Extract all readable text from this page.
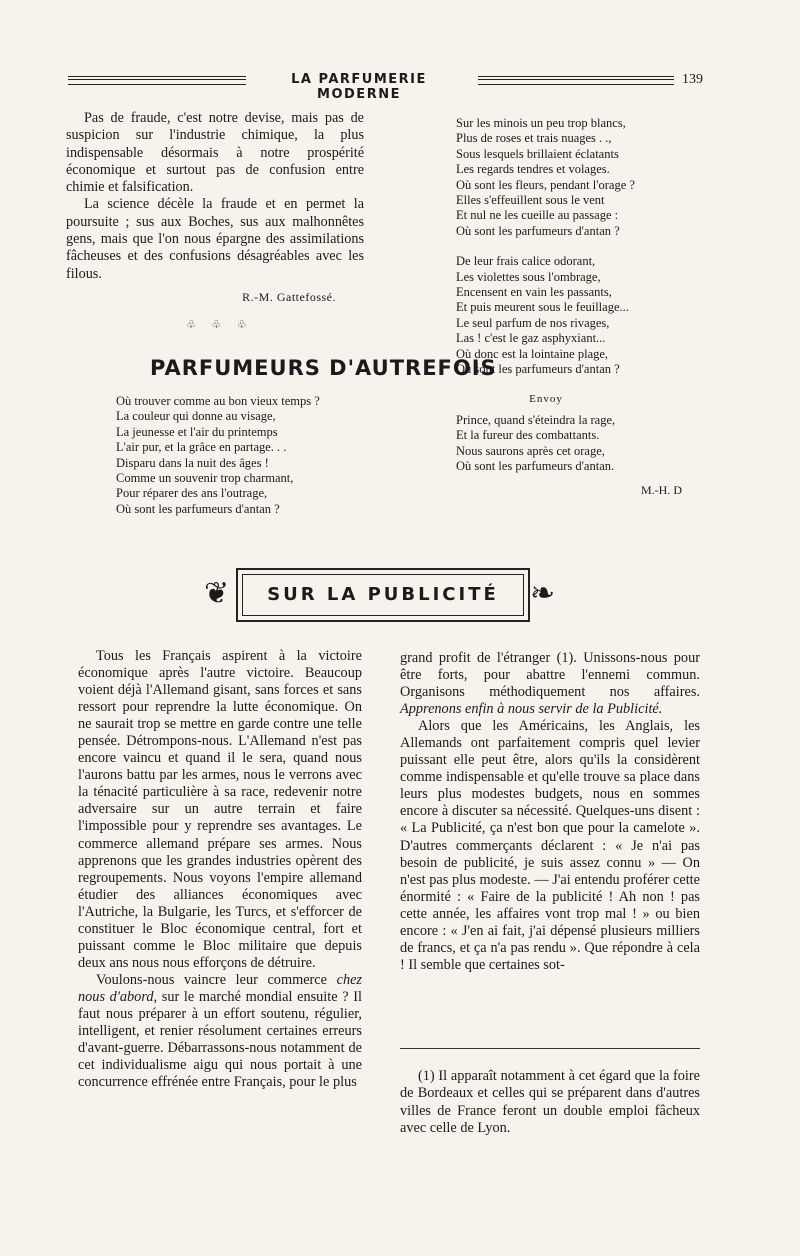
LA PARFUMERIE MODERNE
139

Pas de fraude, c'est notre devise, mais pas de suspicion sur l'industrie chimique, la plus indispensable désormais à notre prospérité économique et surtout pas de confusion entre chimie et falsification.

La science décèle la fraude et en permet la poursuite ; sus aux Boches, sus aux malhonnêtes gens, mais que l'on nous épargne des assimilations fâcheuses et des confusions désagréables avec les filous.

R.-M. Gattefossé.

♧ ♧ ♧
PARFUMEURS D'AUTREFOIS
Où trouver comme au bon vieux temps ?
La couleur qui donne au visage,
La jeunesse et l'air du printemps
L'air pur, et la grâce en partage. . .
Disparu dans la nuit des âges !
Comme un souvenir trop charmant,
Pour réparer des ans l'outrage,
Où sont les parfumeurs d'antan ?
Sur les minois un peu trop blancs,
Plus de roses et trais nuages . .,
Sous lesquels brillaient éclatants
Les regards tendres et volages.
Où sont les fleurs, pendant l'orage ?
Elles s'effeuillent sous le vent
Et nul ne les cueille au passage :
Où sont les parfumeurs d'antan ?
De leur frais calice odorant,
Les violettes sous l'ombrage,
Encensent en vain les passants,
Et puis meurent sous le feuillage...
Le seul parfum de nos rivages,
Las ! c'est le gaz asphyxiant...
Où donc est la lointaine plage,
Où sont les parfumeurs d'antan ?
Envoy
Prince, quand s'éteindra la rage,
Et la fureur des combattants.
Nous saurons après cet orage,
Où sont les parfumeurs d'antan.
M.-H. D
❦	SUR LA PUBLICITÉ	❧

Tous les Français aspirent à la victoire économique après l'autre victoire. Beaucoup voient déjà l'Allemand gisant, sans forces et sans ressort pour reprendre la lutte économique. On ne saurait trop se mettre en garde contre une telle pensée. Détrompons-nous. L'Allemand n'est pas encore vaincu et quand il le sera, quand nous l'aurons battu par les armes, nous le verrons avec la ténacité particulière à sa race, redevenir notre adversaire sur un autre terrain et faire l'impossible pour y reprendre ses avantages. Le commerce allemand prépare ses armes. Nous apprenons que les grandes industries opèrent des regroupements. Nous voyons l'empire allemand étudier des alliances économiques avec l'Autriche, la Bulgarie, les Turcs, et s'efforcer de constituer le Bloc économique central, fort et puissant comme le Bloc militaire que depuis deux ans nous nous efforçons de détruire.

Voulons-nous vaincre leur commerce chez nous d'abord, sur le marché mondial ensuite ? Il faut nous préparer à un effort soutenu, régulier, intelligent, et renier résolument certaines erreurs d'avant-guerre. Débarrassons-nous notamment de cet individualisme aigu qui nous portait à une concurrence effrénée entre Français, pour le plus

grand profit de l'étranger (1). Unissons-nous pour être forts, pour abattre l'ennemi commun. Organisons méthodiquement nos affaires. Apprenons enfin à nous servir de la Publicité.

Alors que les Américains, les Anglais, les Allemands ont parfaitement compris quel levier puissant elle peut être, alors qu'ils la considèrent comme indispensable et qu'elle trouve sa place dans leurs plus modestes budgets, nous en sommes encore à discuter sa nécessité. Quelques-uns disent : « La Publicité, ça n'est bon que pour la camelote ». D'autres commerçants déclarent : « Je n'ai pas besoin de publicité, je suis assez connu » — On n'est pas plus modeste. — J'ai entendu proférer cette énormité : « Faire de la publicité ! Ah non ! pas cette année, les affaires vont trop mal ! » ou bien encore : « J'en ai fait, j'ai dépensé plusieurs milliers de francs, et ça n'a pas rendu ». Que répondre à cela ! Il semble que certaines sot-

(1) Il apparaît notamment à cet égard que la foire de Bordeaux et celles qui se préparent dans d'autres villes de France feront un double emploi fâcheux avec celle de Lyon.
